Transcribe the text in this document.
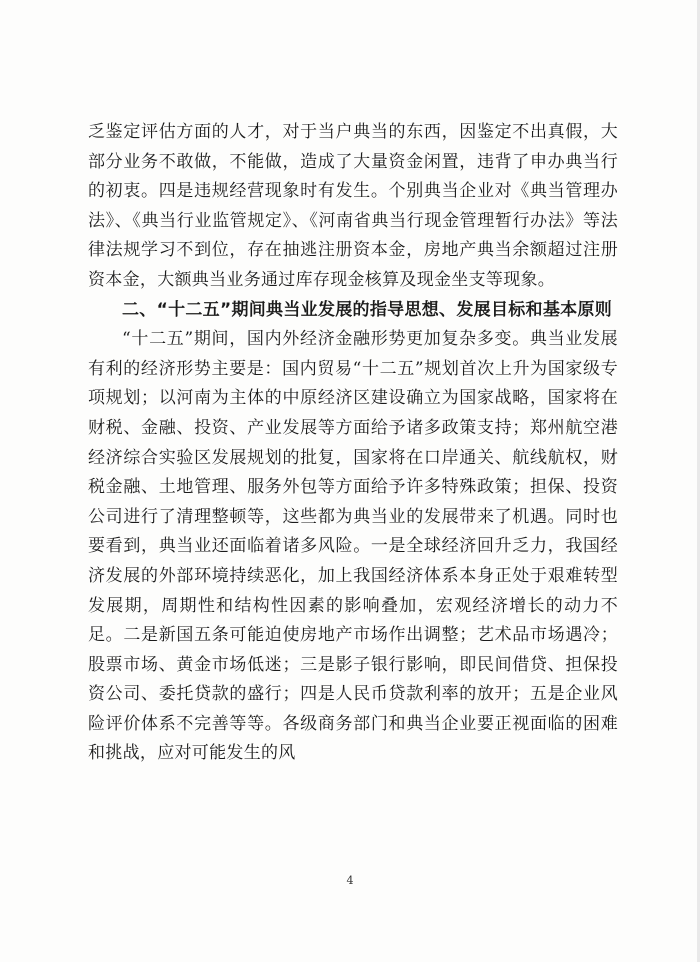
乏鉴定评估方面的人才，对于当户典当的东西，因鉴定不出真假，大部分业务不敢做，不能做，造成了大量资金闲置，违背了申办典当行的初衷。四是违规经营现象时有发生。个别典当企业对《典当管理办法》、《典当行业监管规定》、《河南省典当行现金管理暂行办法》等法律法规学习不到位，存在抽逃注册资本金，房地产典当余额超过注册资本金，大额典当业务通过库存现金核算及现金坐支等现象。

二、“十二五”期间典当业发展的指导思想、发展目标和基本原则

“十二五”期间，国内外经济金融形势更加复杂多变。典当业发展有利的经济形势主要是：国内贸易“十二五”规划首次上升为国家级专项规划；以河南为主体的中原经济区建设确立为国家战略，国家将在财税、金融、投资、产业发展等方面给予诸多政策支持；郑州航空港经济综合实验区发展规划的批复，国家将在口岸通关、航线航权，财税金融、土地管理、服务外包等方面给予许多特殊政策；担保、投资公司进行了清理整顿等，这些都为典当业的发展带来了机遇。同时也要看到，典当业还面临着诸多风险。一是全球经济回升乏力，我国经济发展的外部环境持续恶化，加上我国经济体系本身正处于艰难转型发展期，周期性和结构性因素的影响叠加，宏观经济增长的动力不足。二是新国五条可能迫使房地产市场作出调整；艺术品市场遇冷；股票市场、黄金市场低迷；三是影子银行影响，即民间借贷、担保投资公司、委托贷款的盛行；四是人民币贷款利率的放开；五是企业风险评价体系不完善等等。各级商务部门和典当企业要正视面临的困难和挑战，应对可能发生的风

4
